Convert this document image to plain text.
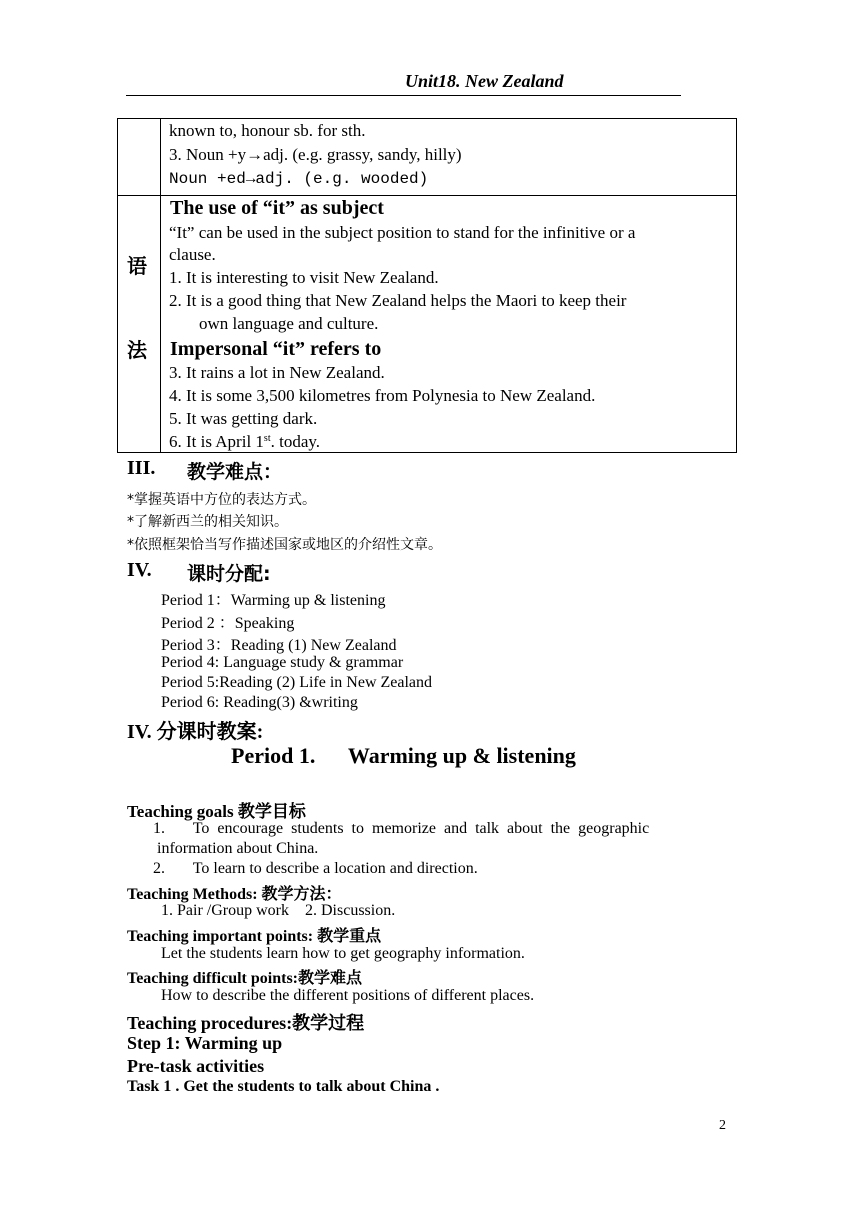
Unit18. New Zealand
known to, honour sb. for sth.
3. Noun +y→adj. (e.g. grassy, sandy, hilly)
Noun +ed→adj. (e.g. wooded)
语
法
The use of “it” as subject
“It” can be used in the subject position to stand for the infinitive or a
clause.
1. It is interesting to visit New Zealand.
2. It is a good thing that New Zealand helps the Maori to keep their
own language and culture.
Impersonal “it” refers to
3. It rains a lot in New Zealand.
4. It is some 3,500 kilometres from Polynesia to New Zealand.
5. It was getting dark.
6. It is April 1st. today.
III. 教学难点：
*掌握英语中方位的表达方式。
*了解新西兰的相关知识。
*依照框架恰当写作描述国家或地区的介绍性文章。
IV. 课时分配:
Period 1：Warming up & listening
Period 2 ：Speaking
Period 3：Reading (1) New Zealand
Period 4: Language study & grammar
Period 5:Reading (2) Life in New Zealand
Period 6: Reading(3) &writing
IV. 分课时教案:
Period 1.      Warming up & listening
Teaching goals 教学目标
1.       To  encourage  students  to  memorize  and  talk  about  the  geographic
information about China.
2.       To learn to describe a location and direction.
Teaching Methods: 教学方法：
1. Pair /Group work    2. Discussion.
Teaching important points: 教学重点
Let the students learn how to get geography information.
Teaching difficult points:教学难点
How to describe the different positions of different places.
Teaching procedures:教学过程
Step 1: Warming up
Pre-task activities
Task 1 . Get the students to talk about China .
2
